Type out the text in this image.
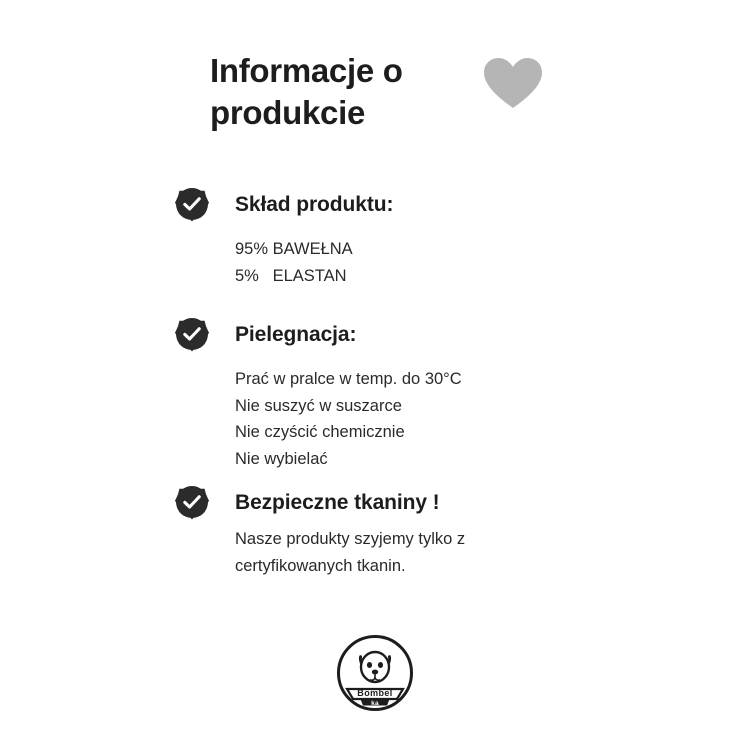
Informacje o produkcie
Skład produktu:
95% BAWEŁNA
5%   ELASTAN
Pielegnacja:
Prać w pralce w temp. do 30°C
Nie suszyć w suszarce
Nie czyścić chemicznie
Nie wybielać
Bezpieczne tkaniny !
Nasze produkty szyjemy tylko z certyfikowanych tkanin.
Bombel
ka
